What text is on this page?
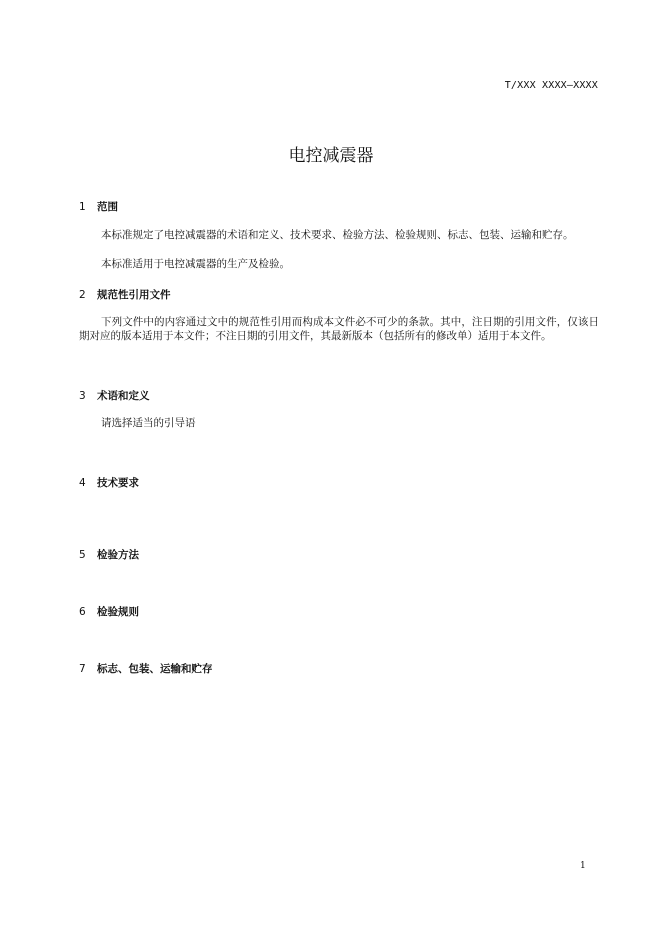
T/XXX XXXX—XXXX
电控减震器
1 范围
本标准规定了电控减震器的术语和定义、技术要求、检验方法、检验规则、标志、包装、运输和贮存。
本标准适用于电控减震器的生产及检验。
2 规范性引用文件
下列文件中的内容通过文中的规范性引用而构成本文件必不可少的条款。其中，注日期的引用文件，仅该日期对应的版本适用于本文件；不注日期的引用文件，其最新版本（包括所有的修改单）适用于本文件。
3 术语和定义
请选择适当的引导语
4 技术要求
5 检验方法
6 检验规则
7 标志、包装、运输和贮存
1
